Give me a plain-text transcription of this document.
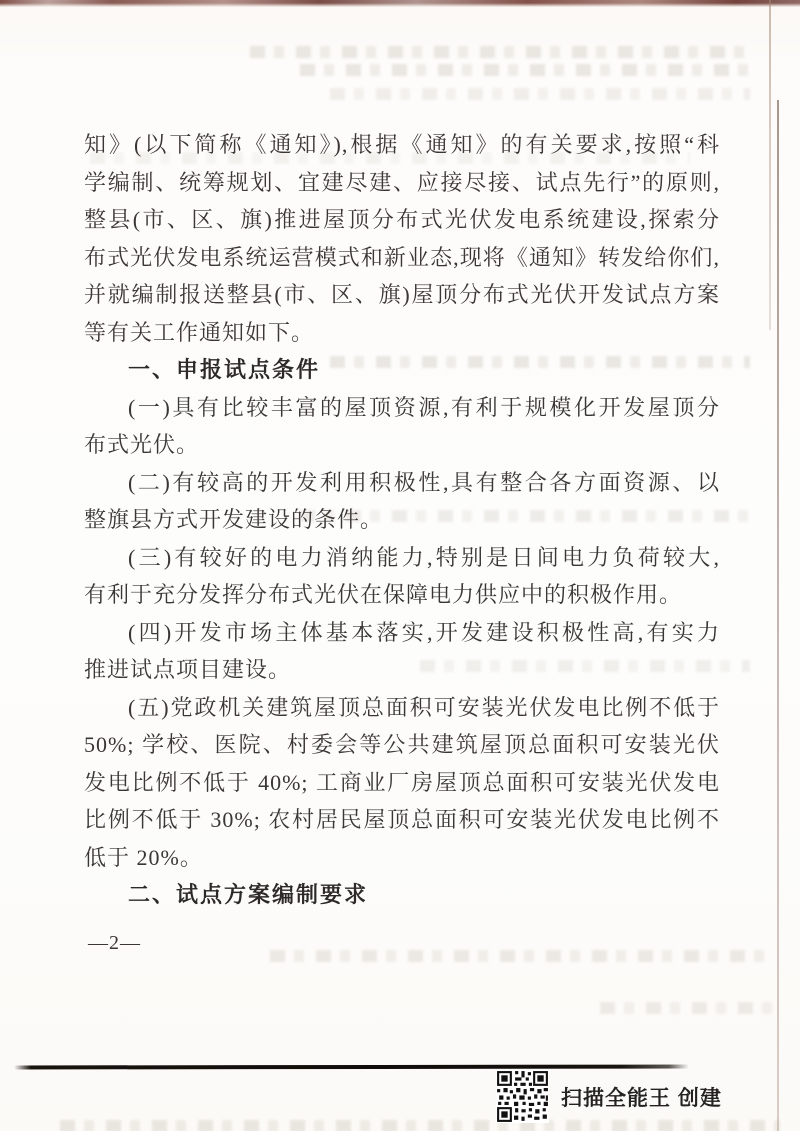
知》(以下简称《通知》),根据《通知》的有关要求,按照“科
学编制、统筹规划、宜建尽建、应接尽接、试点先行”的原则,
整县(市、区、旗)推进屋顶分布式光伏发电系统建设,探索分
布式光伏发电系统运营模式和新业态,现将《通知》转发给你们,
并就编制报送整县(市、区、旗)屋顶分布式光伏开发试点方案
等有关工作通知如下。
一、申报试点条件
(一)具有比较丰富的屋顶资源,有利于规模化开发屋顶分
布式光伏。
(二)有较高的开发利用积极性,具有整合各方面资源、以
整旗县方式开发建设的条件。
(三)有较好的电力消纳能力,特别是日间电力负荷较大,
有利于充分发挥分布式光伏在保障电力供应中的积极作用。
(四)开发市场主体基本落实,开发建设积极性高,有实力
推进试点项目建设。
(五)党政机关建筑屋顶总面积可安装光伏发电比例不低于
50%; 学校、医院、村委会等公共建筑屋顶总面积可安装光伏
发电比例不低于 40%; 工商业厂房屋顶总面积可安装光伏发电
比例不低于 30%; 农村居民屋顶总面积可安装光伏发电比例不
低于 20%。
二、试点方案编制要求
—2—
扫描全能王 创建
